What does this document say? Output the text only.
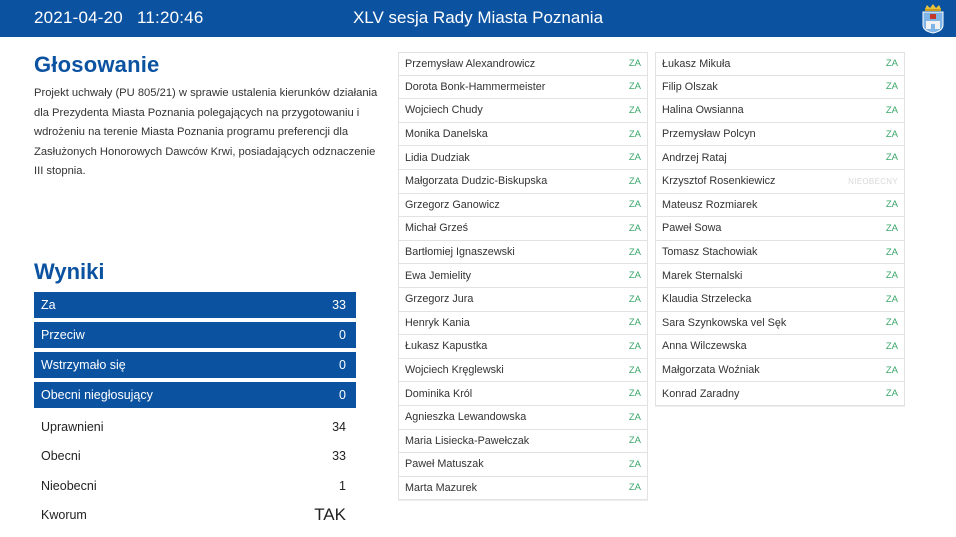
2021-04-20 11:20:46	XLV sesja Rady Miasta Poznania
Głosowanie
Projekt uchwały (PU 805/21) w sprawie ustalenia kierunków działania dla Prezydenta Miasta Poznania polegających na przygotowaniu i wdrożeniu na terenie Miasta Poznania programu preferencji dla Zasłużonych Honorowych Dawców Krwi, posiadających odznaczenie III stopnia.
Wyniki
Za	33
Przeciw	0
Wstrzymało się	0
Obecni niegłosujący	0
Uprawnieni	34
Obecni	33
Nieobecni	1
Kworum	TAK
Przemysław Alexandrowicz	ZA
Dorota Bonk-Hammermeister	ZA
Wojciech Chudy	ZA
Monika Danelska	ZA
Lidia Dudziak	ZA
Małgorzata Dudzic-Biskupska	ZA
Grzegorz Ganowicz	ZA
Michał Grześ	ZA
Bartłomiej Ignaszewski	ZA
Ewa Jemielity	ZA
Grzegorz Jura	ZA
Henryk Kania	ZA
Łukasz Kapustka	ZA
Wojciech Kręglewski	ZA
Dominika Król	ZA
Agnieszka Lewandowska	ZA
Maria Lisiecka-Pawełczak	ZA
Paweł Matuszak	ZA
Marta Mazurek	ZA
Łukasz Mikuła	ZA
Filip Olszak	ZA
Halina Owsianna	ZA
Przemysław Polcyn	ZA
Andrzej Rataj	ZA
Krzysztof Rosenkiewicz	NIEOBECNY
Mateusz Rozmiarek	ZA
Paweł Sowa	ZA
Tomasz Stachowiak	ZA
Marek Sternalski	ZA
Klaudia Strzelecka	ZA
Sara Szynkowska vel Sęk	ZA
Anna Wilczewska	ZA
Małgorzata Woźniak	ZA
Konrad Zaradny	ZA
